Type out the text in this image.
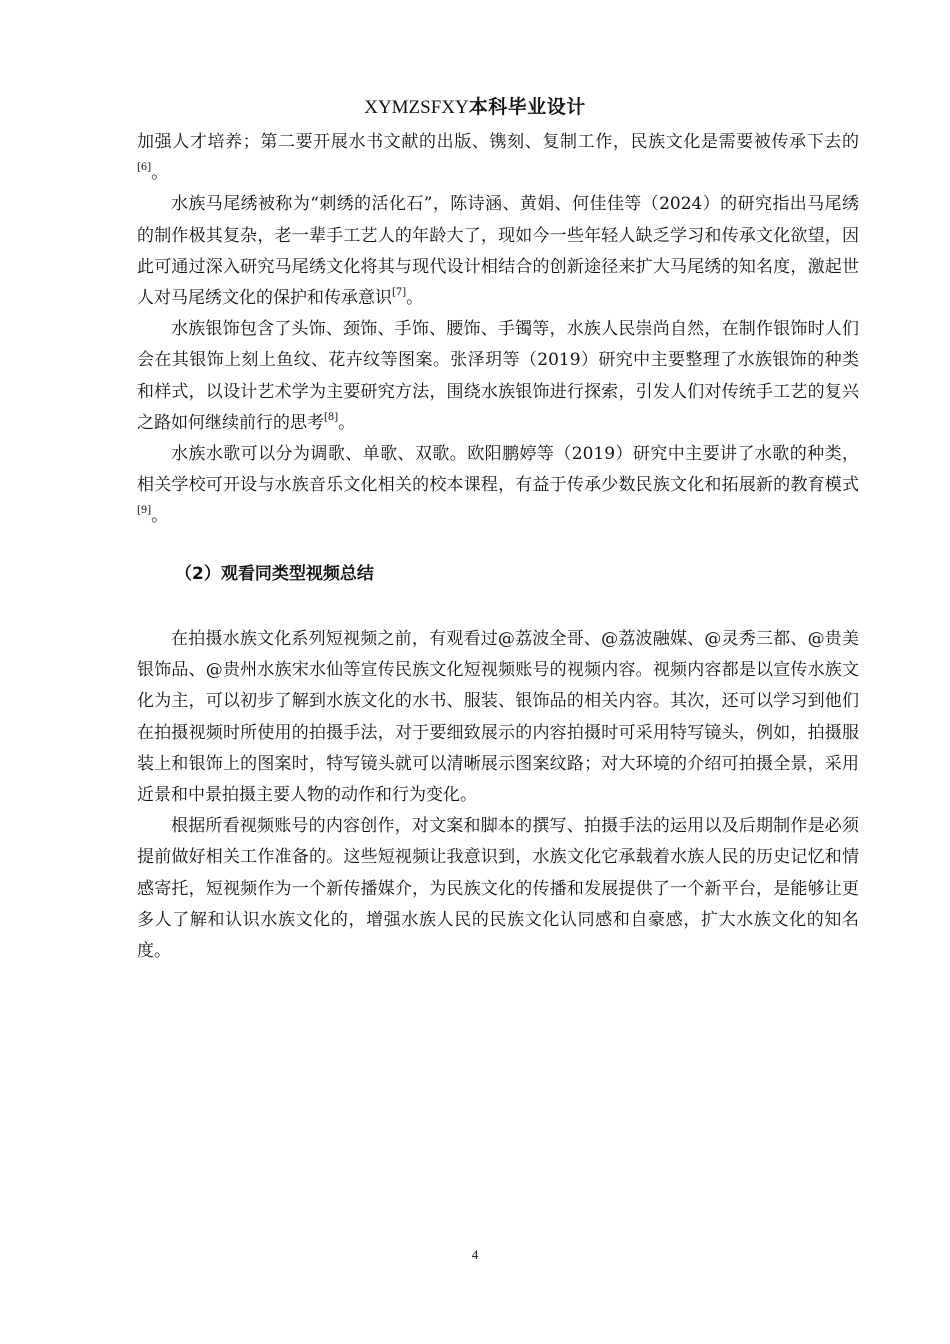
XYMZSFXY本科毕业设计

加强人才培养；第二要开展水书文献的出版、镌刻、复制工作，民族文化是需要被传承下去的[6]。

水族马尾绣被称为“刺绣的活化石”，陈诗涵、黄娟、何佳佳等（2024）的研究指出马尾绣的制作极其复杂，老一辈手工艺人的年龄大了，现如今一些年轻人缺乏学习和传承文化欲望，因此可通过深入研究马尾绣文化将其与现代设计相结合的创新途径来扩大马尾绣的知名度，激起世人对马尾绣文化的保护和传承意识[7]。

水族银饰包含了头饰、颈饰、手饰、腰饰、手镯等，水族人民崇尚自然，在制作银饰时人们会在其银饰上刻上鱼纹、花卉纹等图案。张泽玥等（2019）研究中主要整理了水族银饰的种类和样式，以设计艺术学为主要研究方法，围绕水族银饰进行探索，引发人们对传统手工艺的复兴之路如何继续前行的思考[8]。

水族水歌可以分为调歌、单歌、双歌。欧阳鹏婷等（2019）研究中主要讲了水歌的种类，相关学校可开设与水族音乐文化相关的校本课程，有益于传承少数民族文化和拓展新的教育模式[9]。

（2）观看同类型视频总结

在拍摄水族文化系列短视频之前，有观看过@荔波全哥、@荔波融媒、@灵秀三都、@贵美银饰品、@贵州水族宋水仙等宣传民族文化短视频账号的视频内容。视频内容都是以宣传水族文化为主，可以初步了解到水族文化的水书、服装、银饰品的相关内容。其次，还可以学习到他们在拍摄视频时所使用的拍摄手法，对于要细致展示的内容拍摄时可采用特写镜头，例如，拍摄服装上和银饰上的图案时，特写镜头就可以清晰展示图案纹路；对大环境的介绍可拍摄全景，采用近景和中景拍摄主要人物的动作和行为变化。

根据所看视频账号的内容创作，对文案和脚本的撰写、拍摄手法的运用以及后期制作是必须提前做好相关工作准备的。这些短视频让我意识到，水族文化它承载着水族人民的历史记忆和情感寄托，短视频作为一个新传播媒介，为民族文化的传播和发展提供了一个新平台，是能够让更多人了解和认识水族文化的，增强水族人民的民族文化认同感和自豪感，扩大水族文化的知名度。

4
